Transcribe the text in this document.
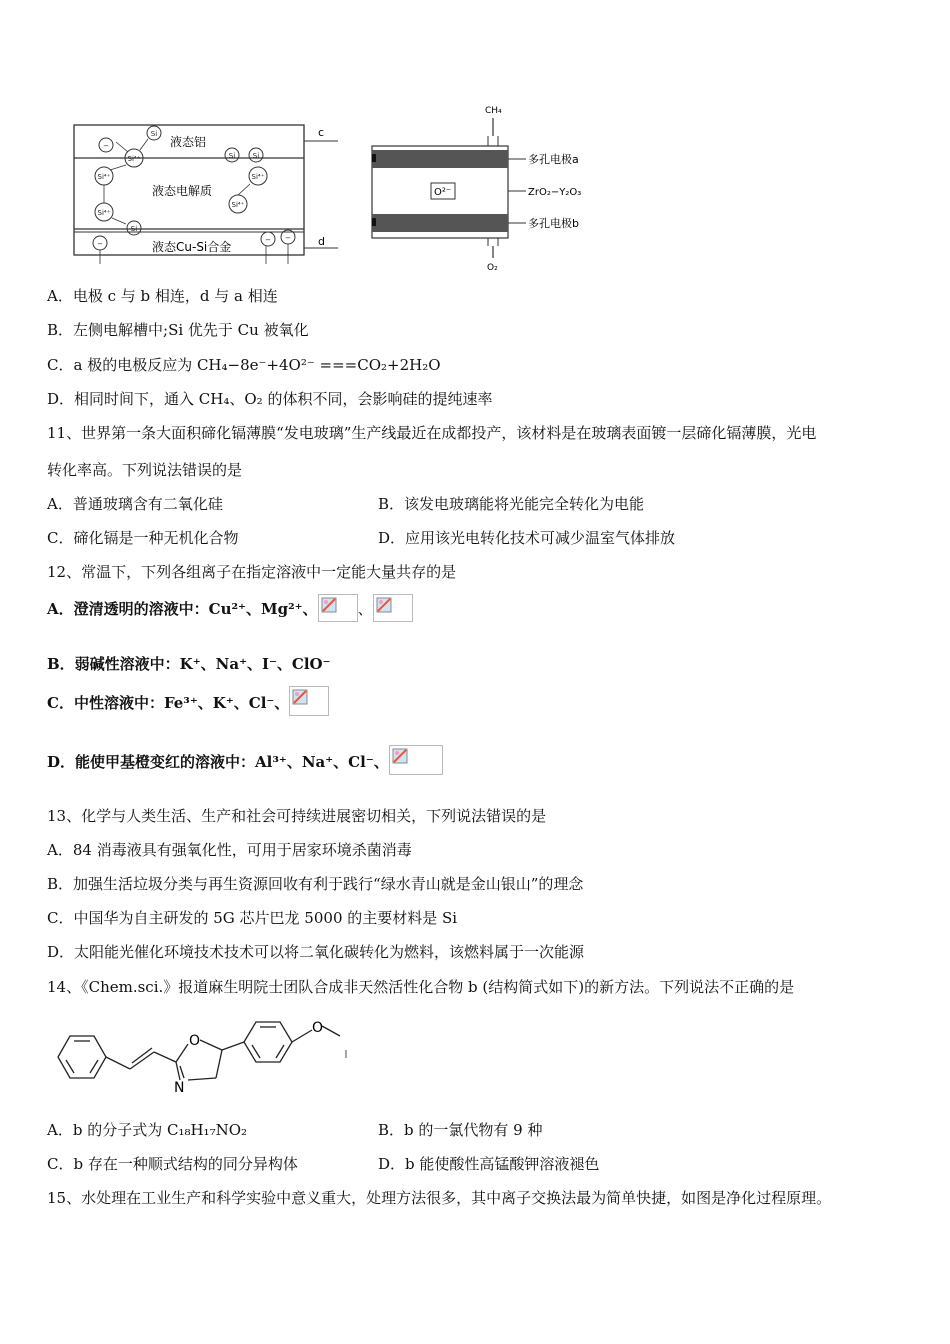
c
d
液态铝
液态电解质
液态Cu-Si合金
−
Si
Si⁴⁺	Si	Si
Si⁴⁺	Si⁴⁺
Si⁴⁺
Si
Si⁴⁺
−	− −
CH₄
O₂
O²⁻
多孔电极a
ZrO₂−Y₂O₃
多孔电极b
A．电极 c 与 b 相连，d 与 a 相连
B．左侧电解槽中;Si 优先于 Cu 被氧化
C．a 极的电极反应为 CH₄−8e⁻+4O²⁻ ===CO₂+2H₂O
D．相同时间下，通入 CH₄、O₂ 的体积不同，会影响硅的提纯速率
11、世界第一条大面积碲化镉薄膜“发电玻璃”生产线最近在成都投产，该材料是在玻璃表面镀一层碲化镉薄膜，光电
转化率高。下列说法错误的是
A．普通玻璃含有二氧化硅	B．该发电玻璃能将光能完全转化为电能
C．碲化镉是一种无机化合物	D．应用该光电转化技术可减少温室气体排放
12、常温下，下列各组离子在指定溶液中一定能大量共存的是
A．澄清透明的溶液中：Cu²⁺、Mg²⁺、	、
B．弱碱性溶液中：K⁺、Na⁺、I⁻、ClO⁻
C．中性溶液中：Fe³⁺、K⁺、Cl⁻、
D．能使甲基橙变红的溶液中：Al³⁺、Na⁺、Cl⁻、
13、化学与人类生活、生产和社会可持续进展密切相关，下列说法错误的是
A．84 消毒液具有强氧化性，可用于居家环境杀菌消毒
B．加强生活垃圾分类与再生资源回收有利于践行“绿水青山就是金山银山”的理念
C．中国华为自主研发的 5G 芯片巴龙 5000 的主要材料是 Si
D．太阳能光催化环境技术技术可以将二氧化碳转化为燃料，该燃料属于一次能源
14、《Chem.sci.》报道麻生明院士团队合成非天然活性化合物 b (结构简式如下)的新方法。下列说法不正确的是
O
N
O
A．b 的分子式为 C₁₈H₁₇NO₂	B．b 的一氯代物有 9 种
C．b 存在一种顺式结构的同分异构体	D．b 能使酸性高锰酸钾溶液褪色
15、水处理在工业生产和科学实验中意义重大，处理方法很多，其中离子交换法最为简单快捷，如图是净化过程原理。
